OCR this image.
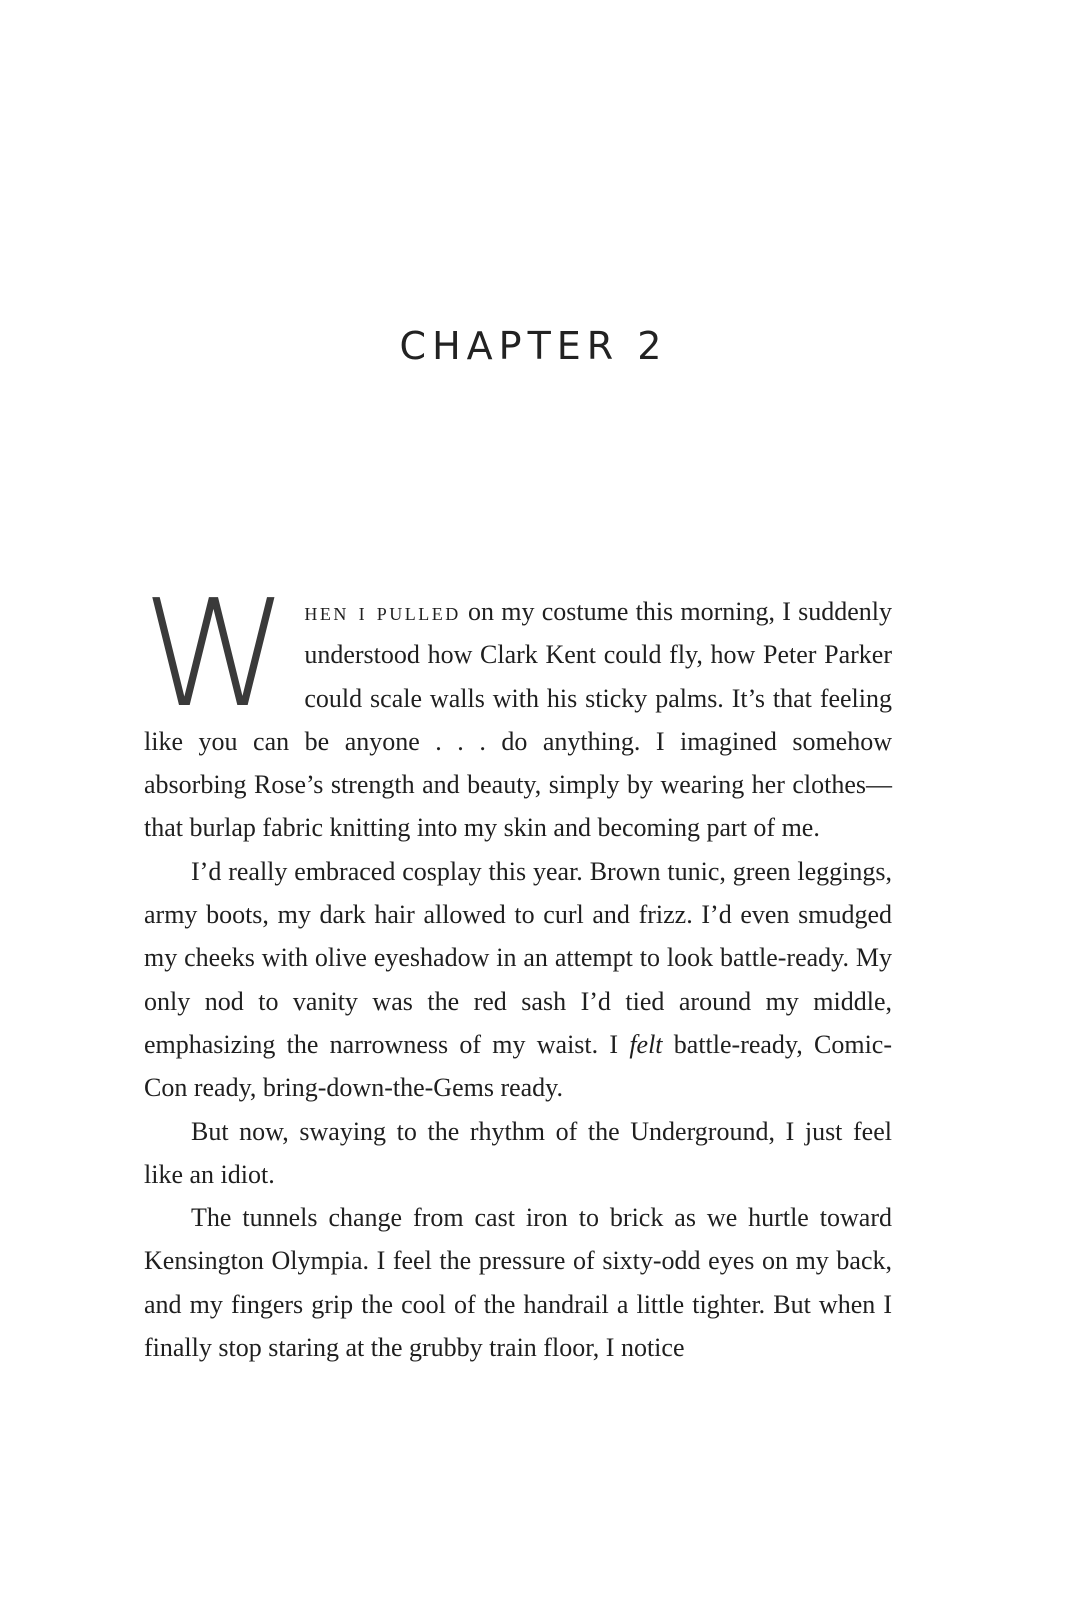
CHAPTER 2

When i pulled on my costume this morning, I suddenly understood how Clark Kent could fly, how Peter Parker could scale walls with his sticky palms. It’s that feeling like you can be anyone . . . do anything. I imagined somehow absorbing Rose’s strength and beauty, simply by wearing her clothes—that burlap fabric knitting into my skin and becoming part of me.

I’d really embraced cosplay this year. Brown tunic, green leggings, army boots, my dark hair allowed to curl and frizz. I’d even smudged my cheeks with olive eyeshadow in an attempt to look battle-ready. My only nod to vanity was the red sash I’d tied around my middle, emphasizing the narrowness of my waist. I felt battle-ready, Comic-Con ready, bring-down-the-Gems ready.

But now, swaying to the rhythm of the Underground, I just feel like an idiot.

The tunnels change from cast iron to brick as we hurtle toward Kensington Olympia. I feel the pressure of sixty-odd eyes on my back, and my fingers grip the cool of the handrail a little tighter. But when I finally stop staring at the grubby train floor, I notice
